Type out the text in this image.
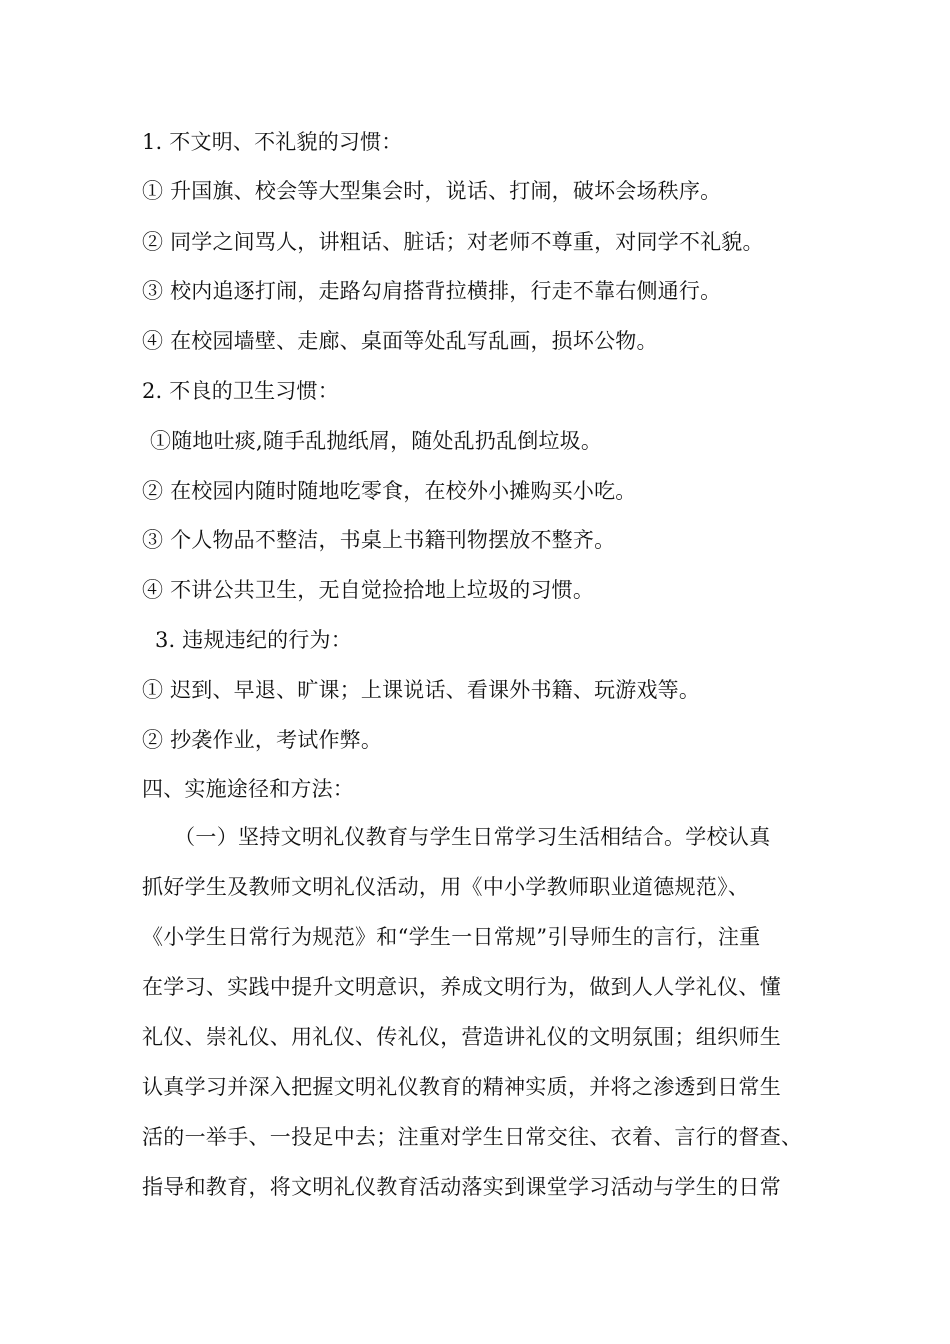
1. 不文明、不礼貌的习惯：
① 升国旗、校会等大型集会时，说话、打闹，破坏会场秩序。
② 同学之间骂人，讲粗话、脏话；对老师不尊重，对同学不礼貌。
③ 校内追逐打闹，走路勾肩搭背拉横排，行走不靠右侧通行。
④ 在校园墙壁、走廊、桌面等处乱写乱画，损坏公物。
2. 不良的卫生习惯：
①随地吐痰,随手乱抛纸屑，随处乱扔乱倒垃圾。
② 在校园内随时随地吃零食，在校外小摊购买小吃。
③ 个人物品不整洁，书桌上书籍刊物摆放不整齐。
④ 不讲公共卫生，无自觉捡拾地上垃圾的习惯。
3. 违规违纪的行为：
① 迟到、早退、旷课；上课说话、看课外书籍、玩游戏等。
② 抄袭作业，考试作弊。
四、实施途径和方法：
　　（一）坚持文明礼仪教育与学生日常学习生活相结合。学校认真
抓好学生及教师文明礼仪活动，用《中小学教师职业道德规范》、
《小学生日常行为规范》和“学生一日常规”引导师生的言行，注重
在学习、实践中提升文明意识，养成文明行为，做到人人学礼仪、懂
礼仪、崇礼仪、用礼仪、传礼仪，营造讲礼仪的文明氛围；组织师生
认真学习并深入把握文明礼仪教育的精神实质，并将之渗透到日常生
活的一举手、一投足中去；注重对学生日常交往、衣着、言行的督查、
指导和教育，将文明礼仪教育活动落实到课堂学习活动与学生的日常
